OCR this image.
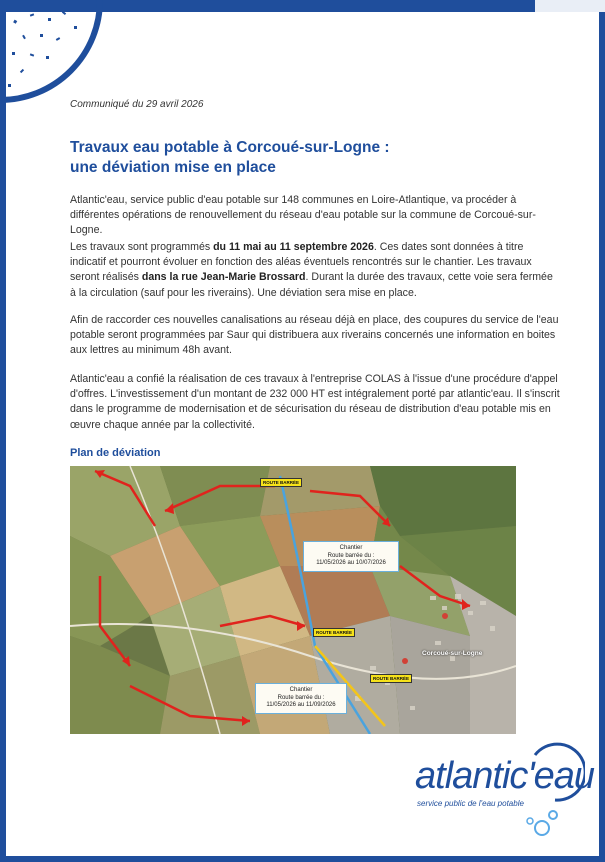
Communiqué du 29 avril 2026
Travaux eau potable à Corcoué-sur-Logne :
une déviation mise en place
Atlantic'eau, service public d'eau potable sur 148 communes en Loire-Atlantique, va procéder à différentes opérations de renouvellement du réseau d'eau potable sur la commune de Corcoué-sur-Logne.
Les travaux sont programmés du 11 mai au 11 septembre 2026. Ces dates sont données à titre indicatif et pourront évoluer en fonction des aléas éventuels rencontrés sur le chantier. Les travaux seront réalisés dans la rue Jean-Marie Brossard. Durant la durée des travaux, cette voie sera fermée à la circulation (sauf pour les riverains). Une déviation sera mise en place.
Afin de raccorder ces nouvelles canalisations au réseau déjà en place, des coupures du service de l'eau potable seront programmées par Saur qui distribuera aux riverains concernés une information en boites aux lettres au minimum 48h avant.
Atlantic'eau a confié la réalisation de ces travaux à l'entreprise COLAS à l'issue d'une procédure d'appel d'offres. L'investissement d'un montant de 232 000 HT est intégralement porté par atlantic'eau. Il s'inscrit dans le programme de modernisation et de sécurisation du réseau de distribution d'eau potable mis en œuvre chaque année par la collectivité.
Plan de déviation
ROUTE BARRÉE
ROUTE BARRÉE
ROUTE BARRÉE
Chantier
Route barrée du :
11/05/2026 au 10/07/2026
Chantier
Route barrée du :
11/05/2026 au 11/09/2026
Corcoué-sur-Logne
atlantic'eau
service public de l'eau potable
